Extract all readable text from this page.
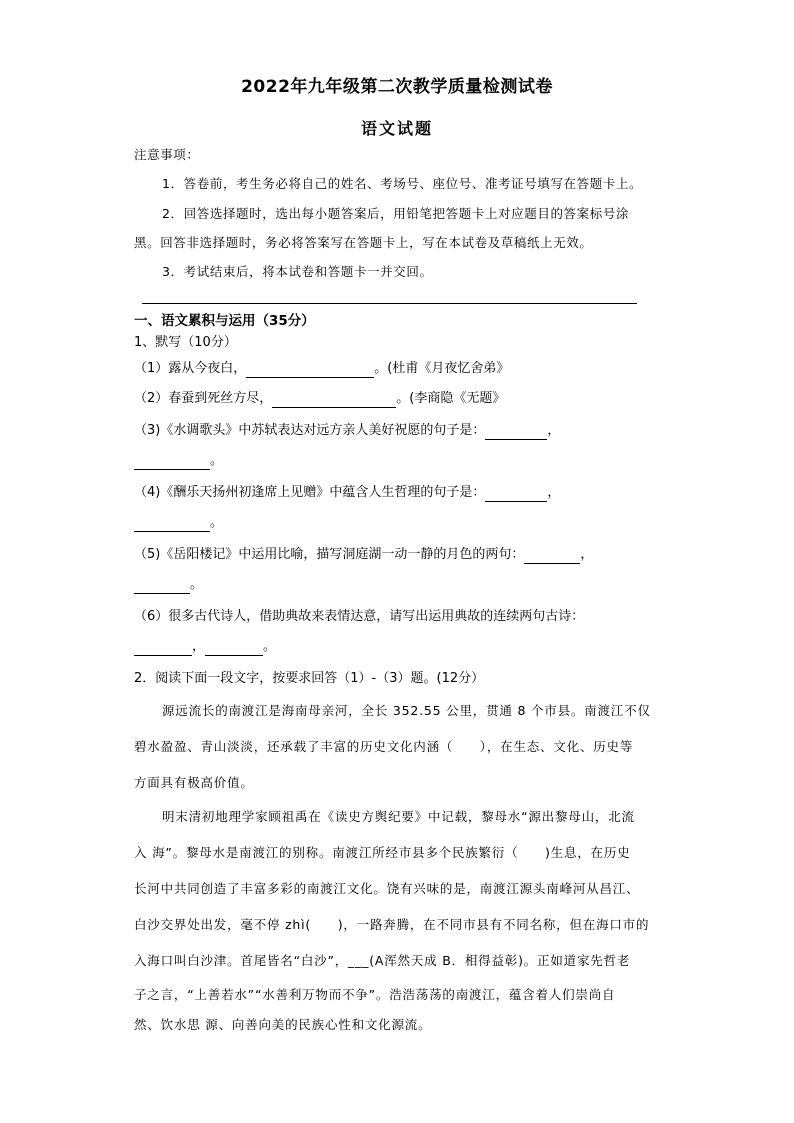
2022年九年级第二次教学质量检测试卷
语文试题
注意事项：
1．答卷前，考生务必将自己的姓名、考场号、座位号、准考证号填写在答题卡上。
2．回答选择题时，选出每小题答案后，用铅笔把答题卡上对应题目的答案标号涂
黑。回答非选择题时，务必将答案写在答题卡上，写在本试卷及草稿纸上无效。
3．考试结束后，将本试卷和答题卡一并交回。
一、语文累积与运用（35分）
1、默写（10分）
（1）露从今夜白，	。(杜甫《月夜忆舍弟》
（2）春蚕到死丝方尽，	。(李商隐《无题》
（3)《水调歌头》中苏轼表达对远方亲人美好祝愿的句子是：	，
。
（4)《酬乐天扬州初逢席上见赠》中蕴含人生哲理的句子是：	，
。
（5)《岳阳楼记》中运用比喻，描写洞庭湖一动一静的月色的两句：	，
。
（6）很多古代诗人，借助典故来表情达意，请写出运用典故的连续两句古诗：
，	。
2．阅读下面一段文字，按要求回答（1）-（3）题。(12分）
源远流长的南渡江是海南母亲河，全长 352.55 公里，贯通 8 个市县。南渡江不仅
碧水盈盈、青山淡淡，还承载了丰富的历史文化内涵（　　），在生态、文化、历史等
方面具有极高价值。
明末清初地理学家顾祖禹在《读史方舆纪要》中记载，黎母水“源出黎母山，北流
入 海”。黎母水是南渡江的别称。南渡江所经市县多个民族繁衍（　　)生息，在历史
长河中共同创造了丰富多彩的南渡江文化。饶有兴味的是，南渡江源头南峰河从昌江、
白沙交界处出发，毫不停 zhì(　　)，一路奔腾，在不同市县有不同名称，但在海口市的
入海口叫白沙津。首尾皆名“白沙”，___(A浑然天成 B．相得益彰)。正如道家先哲老
子之言，“上善若水”“水善利万物而不争”。浩浩荡荡的南渡江，蕴含着人们崇尚自
然、饮水思 源、向善向美的民族心性和文化源流。
